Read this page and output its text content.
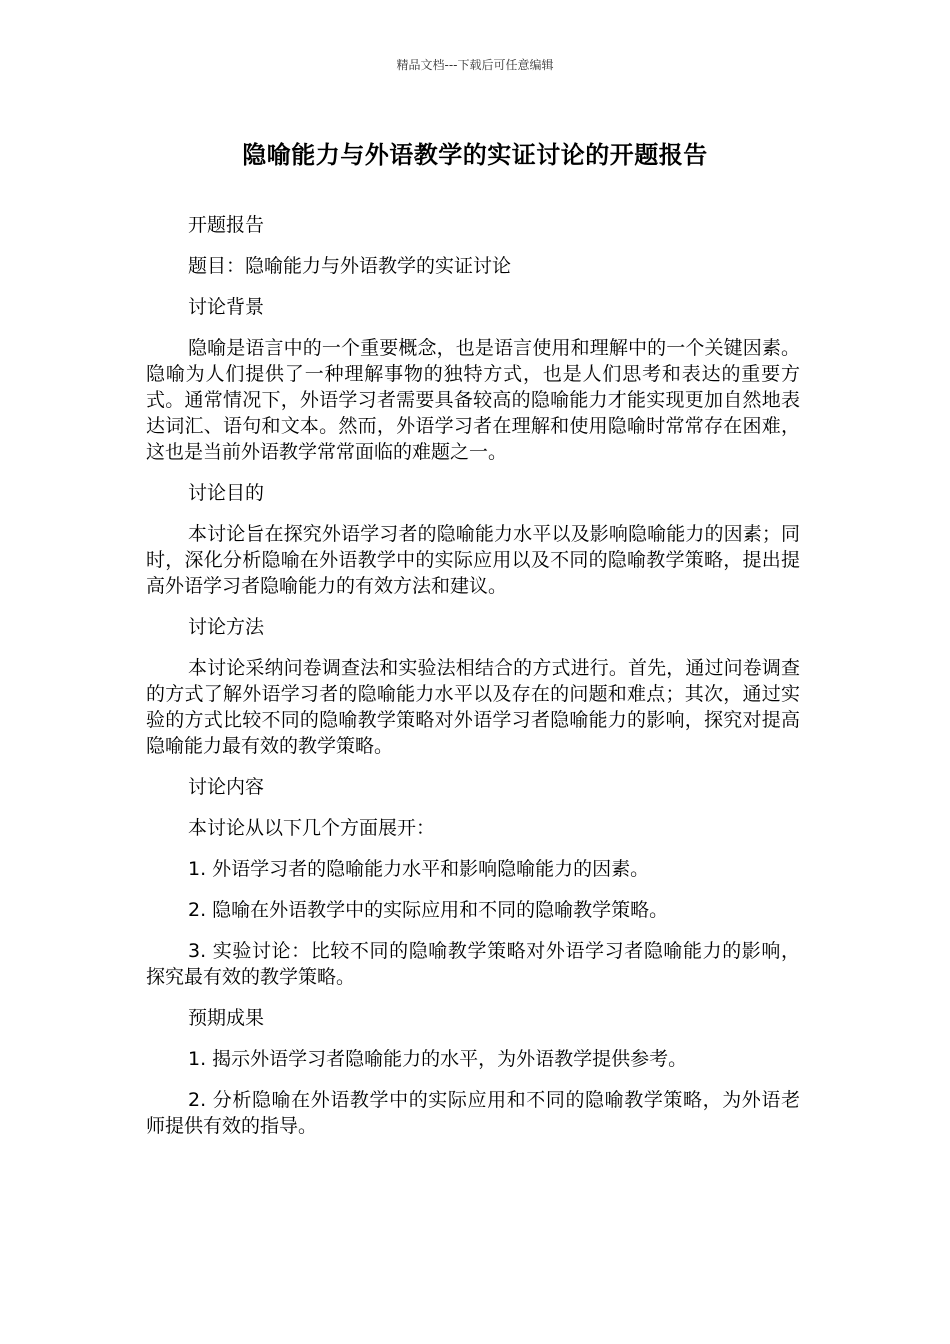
精品文档---下载后可任意编辑
隐喻能力与外语教学的实证讨论的开题报告

开题报告

题目：隐喻能力与外语教学的实证讨论

讨论背景

隐喻是语言中的一个重要概念，也是语言使用和理解中的一个关键因素。隐喻为人们提供了一种理解事物的独特方式，也是人们思考和表达的重要方式。通常情况下，外语学习者需要具备较高的隐喻能力才能实现更加自然地表达词汇、语句和文本。然而，外语学习者在理解和使用隐喻时常常存在困难，这也是当前外语教学常常面临的难题之一。

讨论目的

本讨论旨在探究外语学习者的隐喻能力水平以及影响隐喻能力的因素；同时，深化分析隐喻在外语教学中的实际应用以及不同的隐喻教学策略，提出提高外语学习者隐喻能力的有效方法和建议。

讨论方法

本讨论采纳问卷调查法和实验法相结合的方式进行。首先，通过问卷调查的方式了解外语学习者的隐喻能力水平以及存在的问题和难点；其次，通过实验的方式比较不同的隐喻教学策略对外语学习者隐喻能力的影响，探究对提高隐喻能力最有效的教学策略。

讨论内容

本讨论从以下几个方面展开：

1. 外语学习者的隐喻能力水平和影响隐喻能力的因素。

2. 隐喻在外语教学中的实际应用和不同的隐喻教学策略。

3. 实验讨论：比较不同的隐喻教学策略对外语学习者隐喻能力的影响，探究最有效的教学策略。

预期成果

1. 揭示外语学习者隐喻能力的水平，为外语教学提供参考。

2. 分析隐喻在外语教学中的实际应用和不同的隐喻教学策略，为外语老师提供有效的指导。
